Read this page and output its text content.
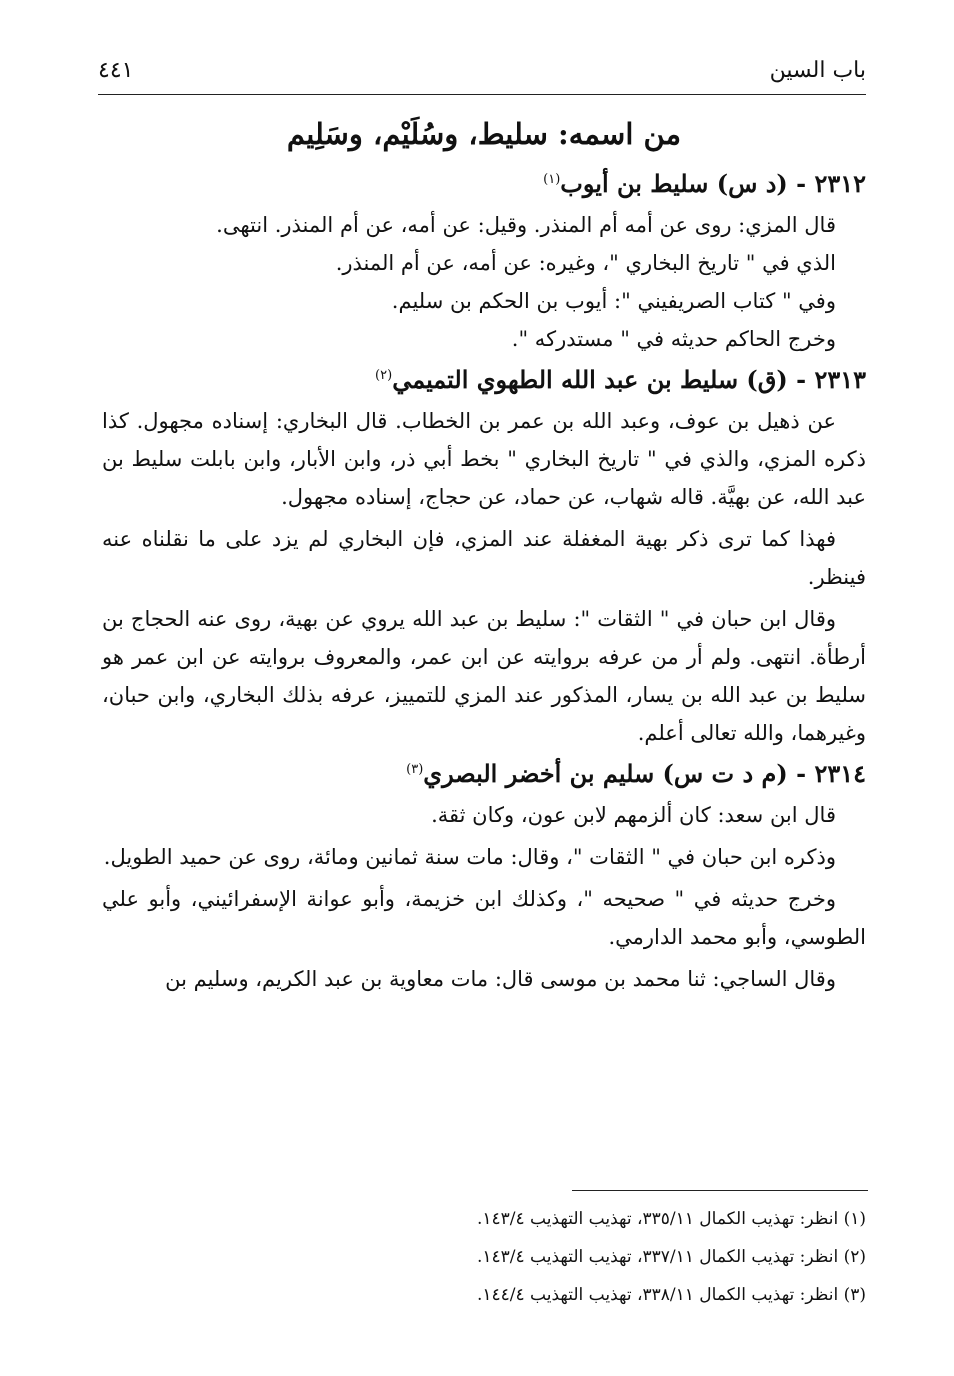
باب السين
٤٤١
من اسمه: سليط، وسُلَيْم، وسَلِيم
٢٣١٢ - (د س) سليط بن أيوب$^{(١)}$
قال المزي: روى عن أمه أم المنذر. وقيل: عن أمه، عن أم المنذر. انتهى.
الذي في " تاريخ البخاري "، وغيره: عن أمه، عن أم المنذر.
وفي " كتاب الصريفيني ": أيوب بن الحكم بن سليم.
وخرج الحاكم حديثه في " مستدركه ".
٢٣١٣ - (ق) سليط بن عبد الله الطهوي التميمي$^{(٢)}$

عن ذهيل بن عوف، وعبد الله بن عمر بن الخطاب. قال البخاري: إسناده مجهول. كذا ذكره المزي، والذي في " تاريخ البخاري " بخط أبي ذر، وابن الأبار، وابن بابلت سليط بن عبد الله، عن بهيَّة. قاله شهاب، عن حماد، عن حجاج، إسناده مجهول.

فهذا كما ترى ذكر بهية المغفلة عند المزي، فإن البخاري لم يزد على ما نقلناه عنه فينظر.

وقال ابن حبان في " الثقات ": سليط بن عبد الله يروي عن بهية، روى عنه الحجاج بن أرطأة. انتهى. ولم أر من عرفه بروايته عن ابن عمر، والمعروف بروايته عن ابن عمر هو سليط بن عبد الله بن يسار، المذكور عند المزي للتمييز، عرفه بذلك البخاري، وابن حبان، وغيرهما، والله تعالى أعلم.

٢٣١٤ - (م د ت س) سليم بن أخضر البصري$^{(٣)}$

قال ابن سعد: كان ألزمهم لابن عون، وكان ثقة.

وذكره ابن حبان في " الثقات "، وقال: مات سنة ثمانين ومائة، روى عن حميد الطويل.

وخرج حديثه في " صحيحه "، وكذلك ابن خزيمة، وأبو عوانة الإسفرائيني، وأبو علي الطوسي، وأبو محمد الدارمي.

وقال الساجي: ثنا محمد بن موسى قال: مات معاوية بن عبد الكريم، وسليم بن

(١) انظر: تهذيب الكمال ٣٣٥/١١، تهذيب التهذيب ١٤٣/٤.
(٢) انظر: تهذيب الكمال ٣٣٧/١١، تهذيب التهذيب ١٤٣/٤.
(٣) انظر: تهذيب الكمال ٣٣٨/١١، تهذيب التهذيب ١٤٤/٤.
